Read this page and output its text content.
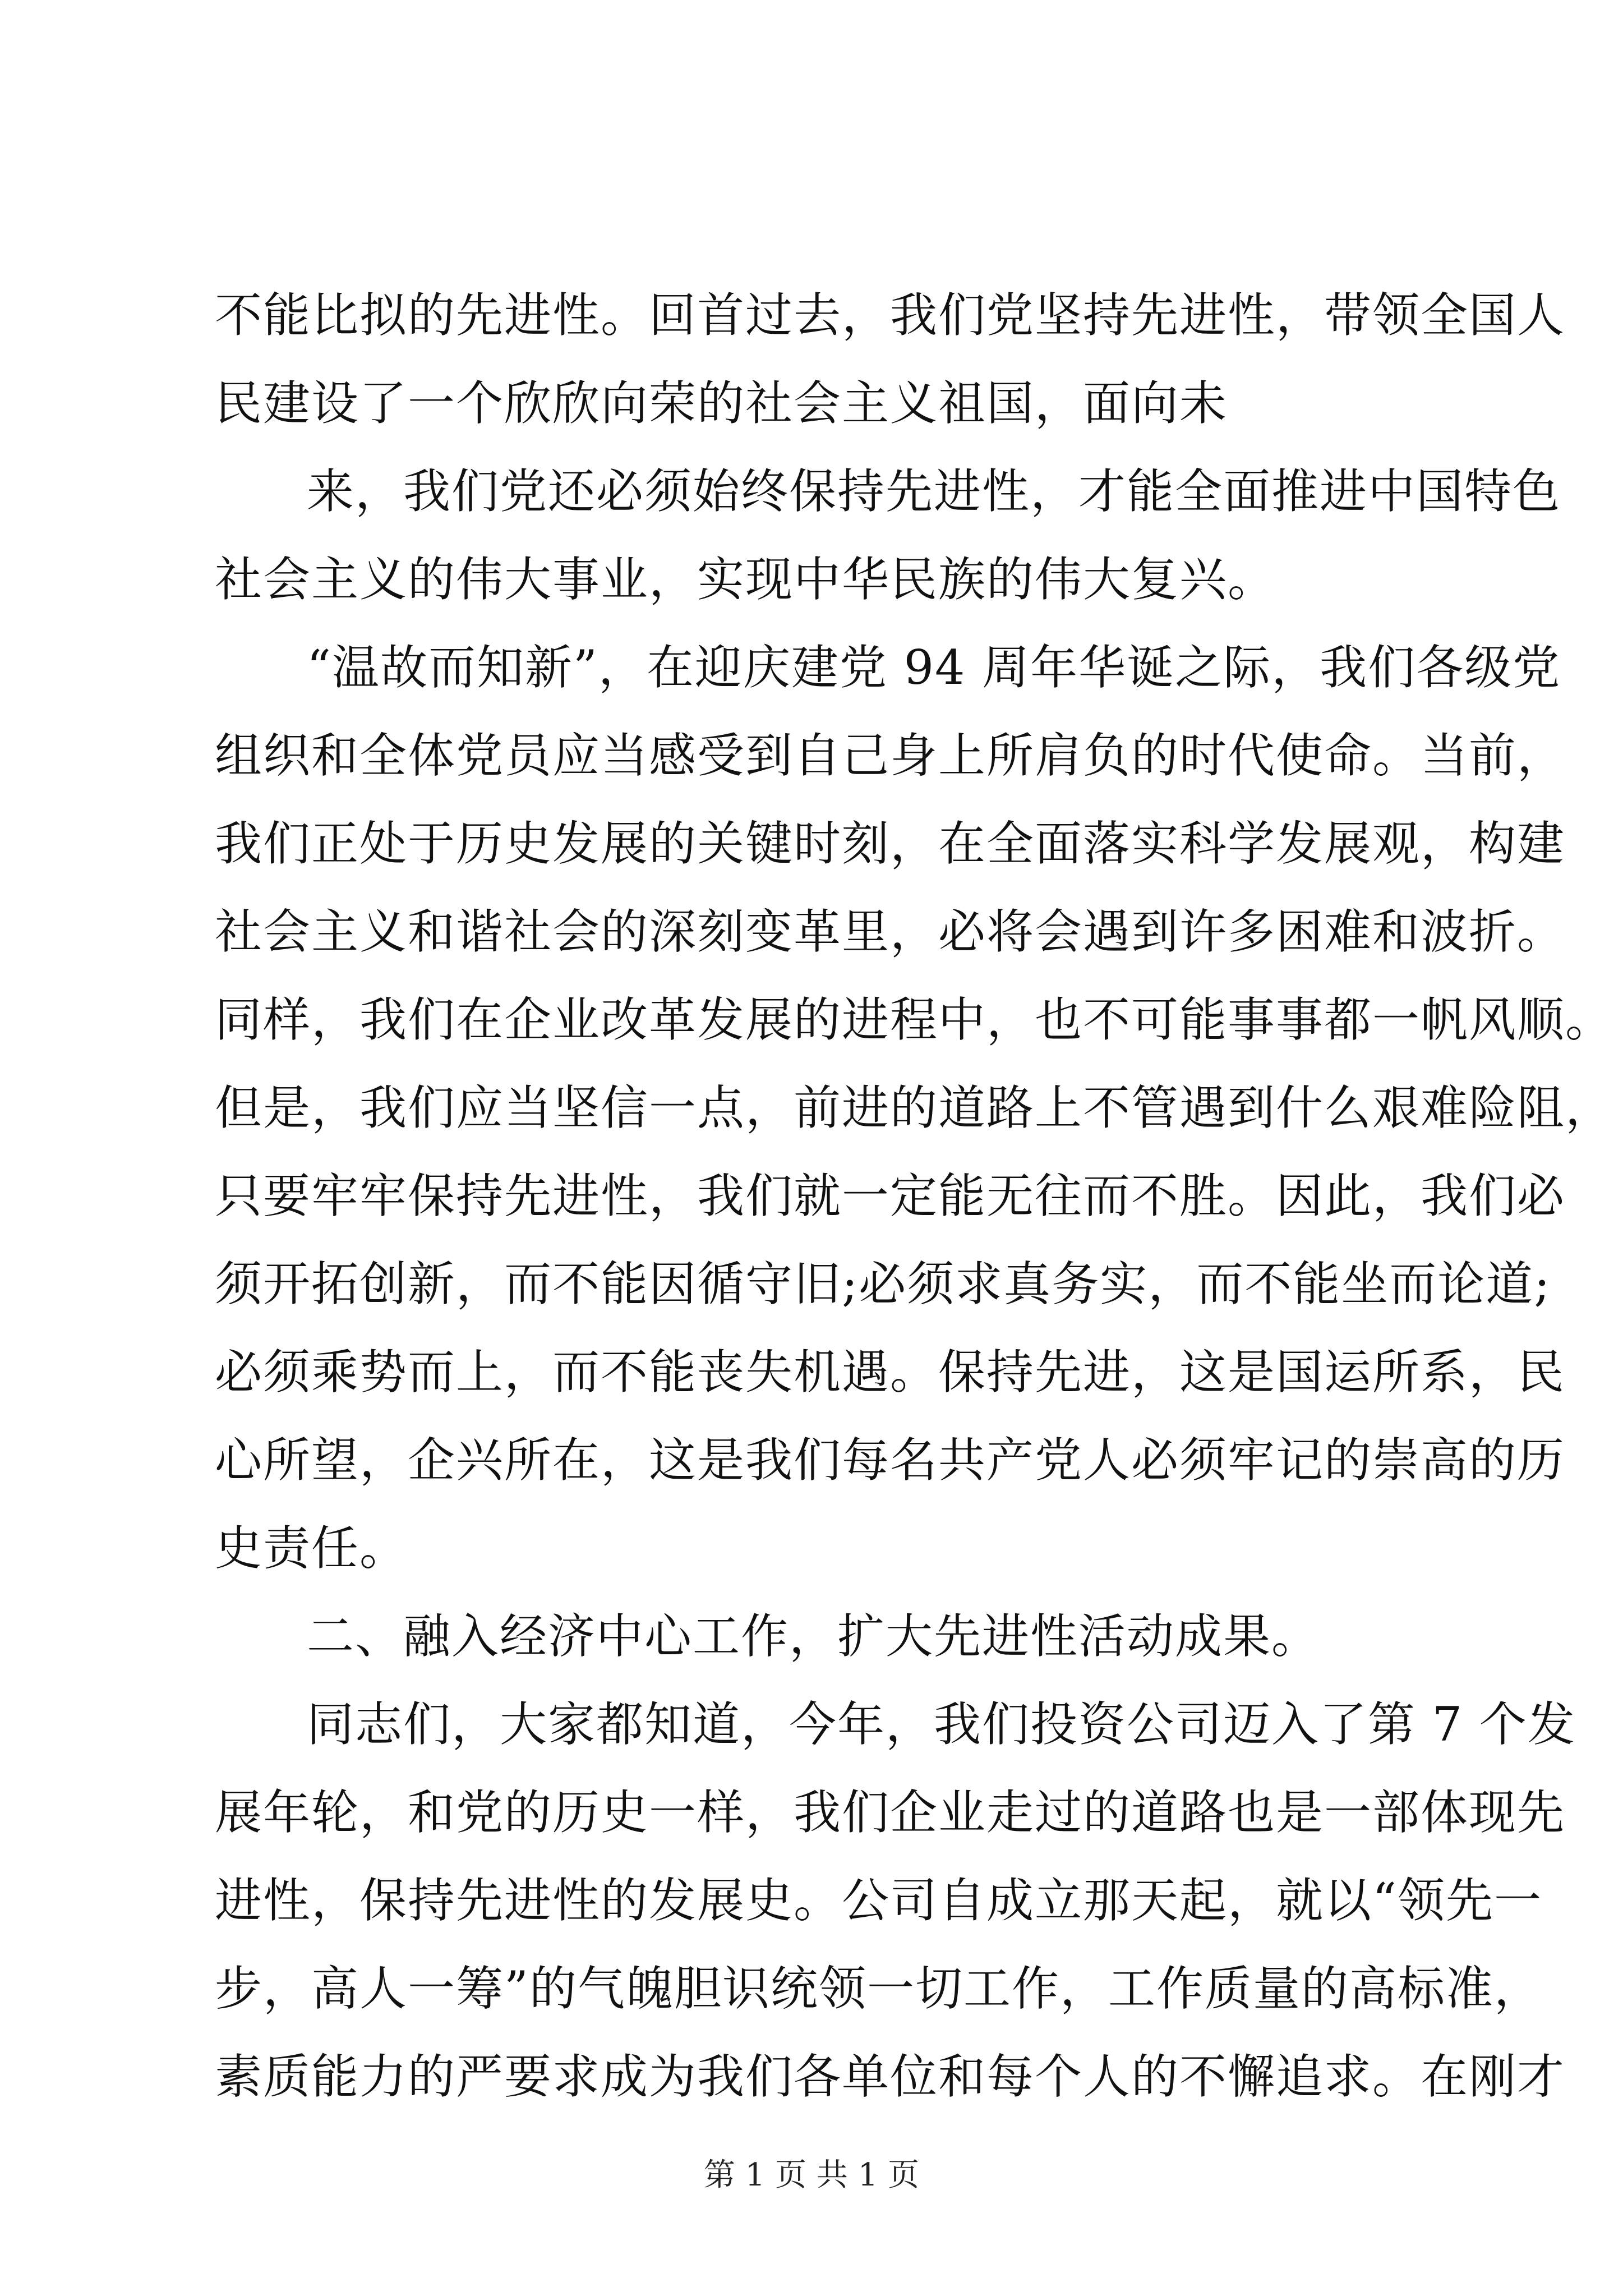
不能比拟的先进性。回首过去，我们党坚持先进性，带领全国人

民建设了一个欣欣向荣的社会主义祖国，面向未

来，我们党还必须始终保持先进性，才能全面推进中国特色

社会主义的伟大事业，实现中华民族的伟大复兴。

“温故而知新”，在迎庆建党 94 周年华诞之际，我们各级党

组织和全体党员应当感受到自己身上所肩负的时代使命。当前，

我们正处于历史发展的关键时刻，在全面落实科学发展观，构建

社会主义和谐社会的深刻变革里，必将会遇到许多困难和波折。

同样，我们在企业改革发展的进程中，也不可能事事都一帆风顺。

但是，我们应当坚信一点，前进的道路上不管遇到什么艰难险阻，

只要牢牢保持先进性，我们就一定能无往而不胜。因此，我们必

须开拓创新，而不能因循守旧;必须求真务实，而不能坐而论道;

必须乘势而上，而不能丧失机遇。保持先进，这是国运所系，民

心所望，企兴所在，这是我们每名共产党人必须牢记的崇高的历

史责任。

二、融入经济中心工作，扩大先进性活动成果。

同志们，大家都知道，今年，我们投资公司迈入了第 7 个发

展年轮，和党的历史一样，我们企业走过的道路也是一部体现先

进性，保持先进性的发展史。公司自成立那天起，就以“领先一

步，高人一筹”的气魄胆识统领一切工作，工作质量的高标准，

素质能力的严要求成为我们各单位和每个人的不懈追求。在刚才

第 1 页 共 1 页
